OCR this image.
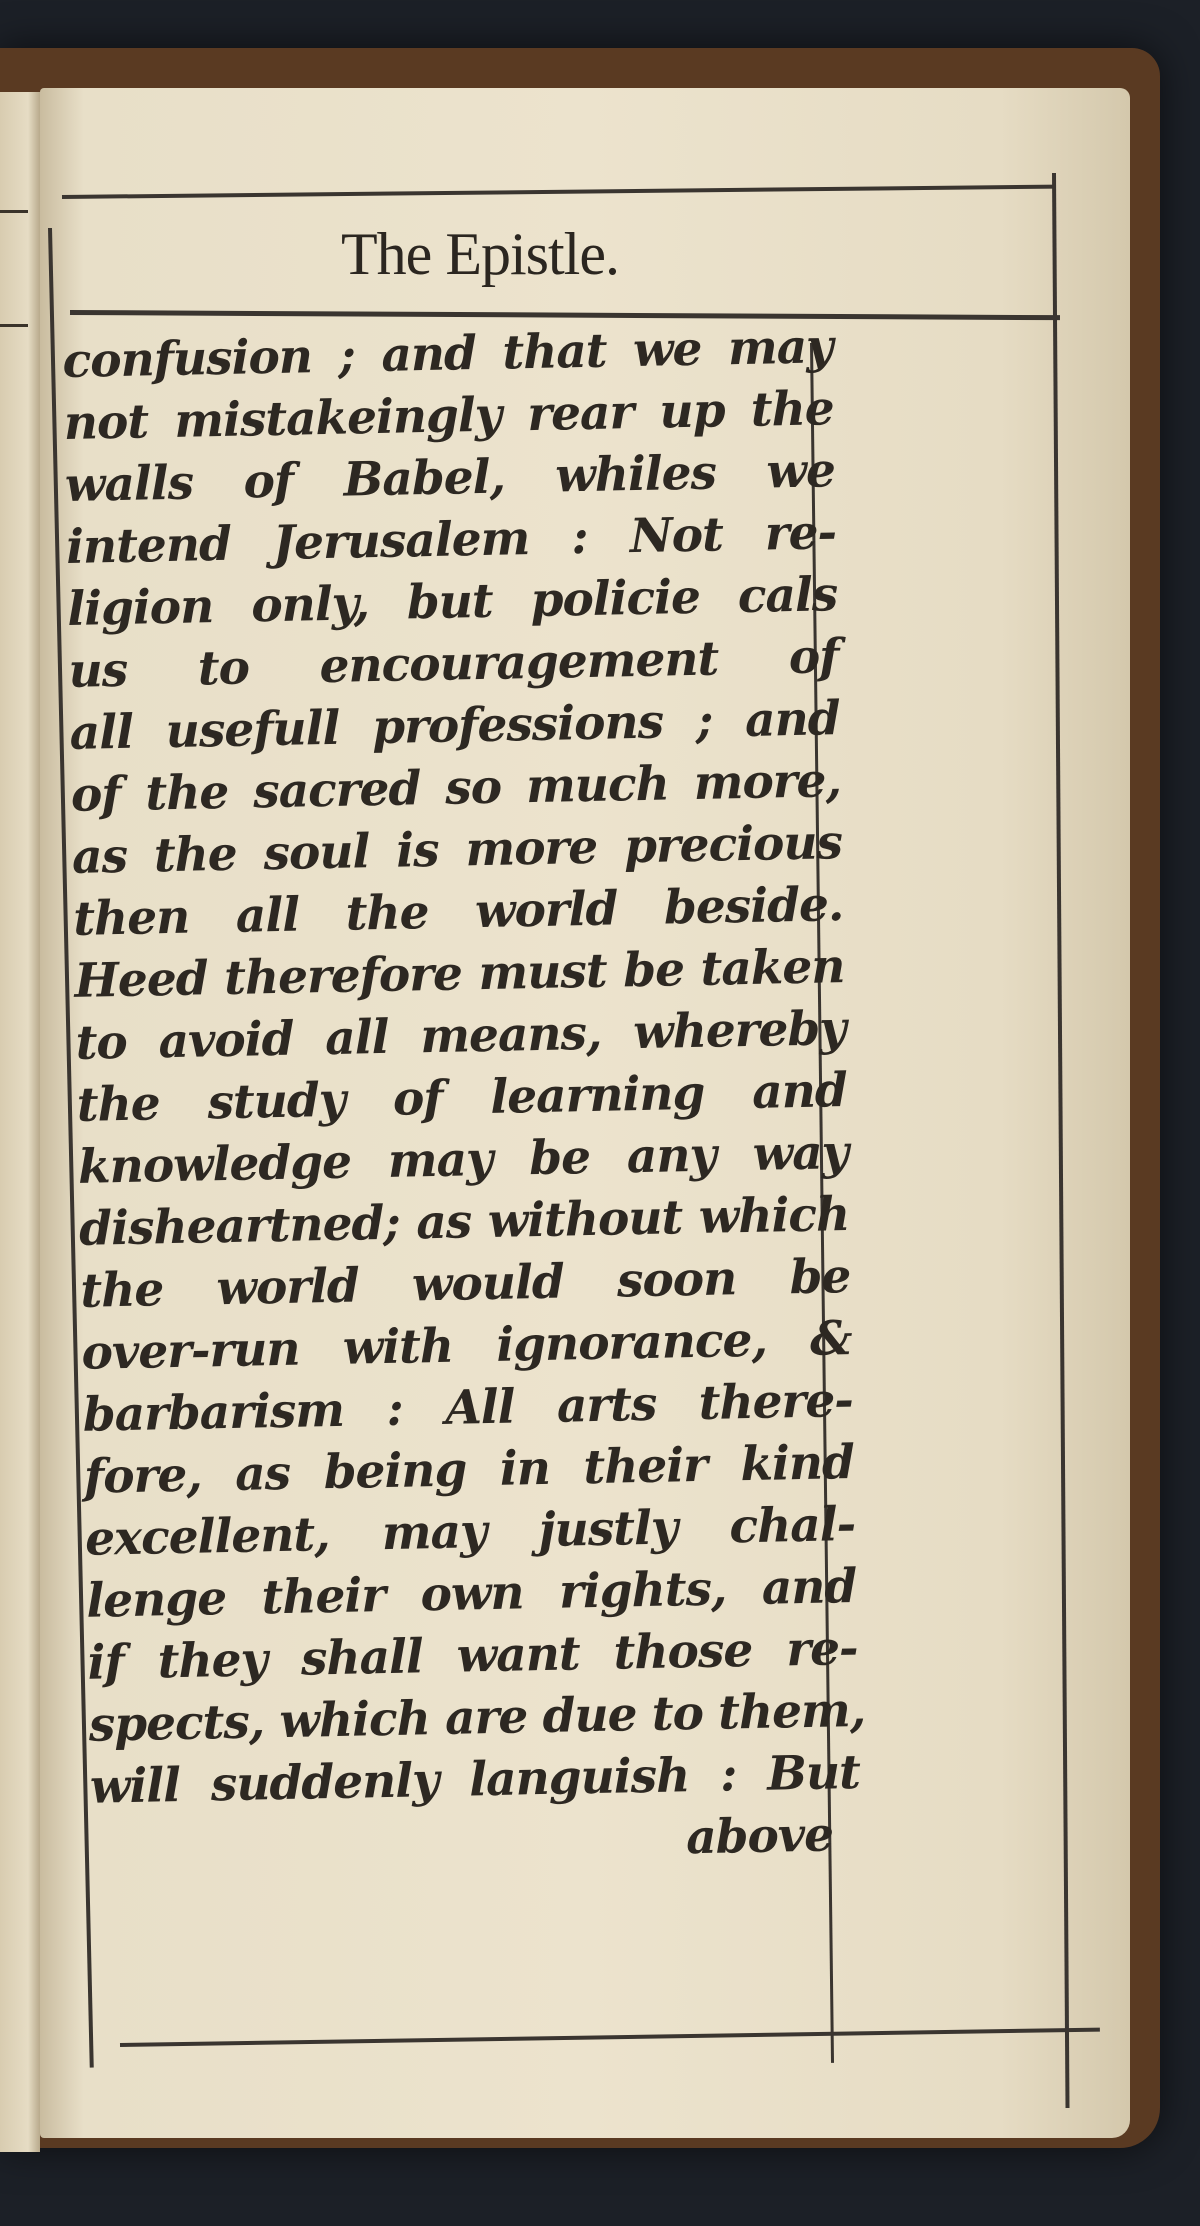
The Epistle.
confusion ; and that we may
not mistakeingly rear up the
walls of Babel, whiles we
intend Jerusalem : Not re-
ligion only, but policie cals
us to encouragement of
all usefull professions ; and
of the sacred so much more,
as the soul is more precious
then all the world beside.
Heed therefore must be taken
to avoid all means, whereby
the study of learning and
knowledge may be any way
disheartned; as without which
the world would soon be
over-run with ignorance, &
barbarism : All arts there-
fore, as being in their kind
excellent, may justly chal-
lenge their own rights, and
if they shall want those re-
spects, which are due to them,
will suddenly languish : But
above
